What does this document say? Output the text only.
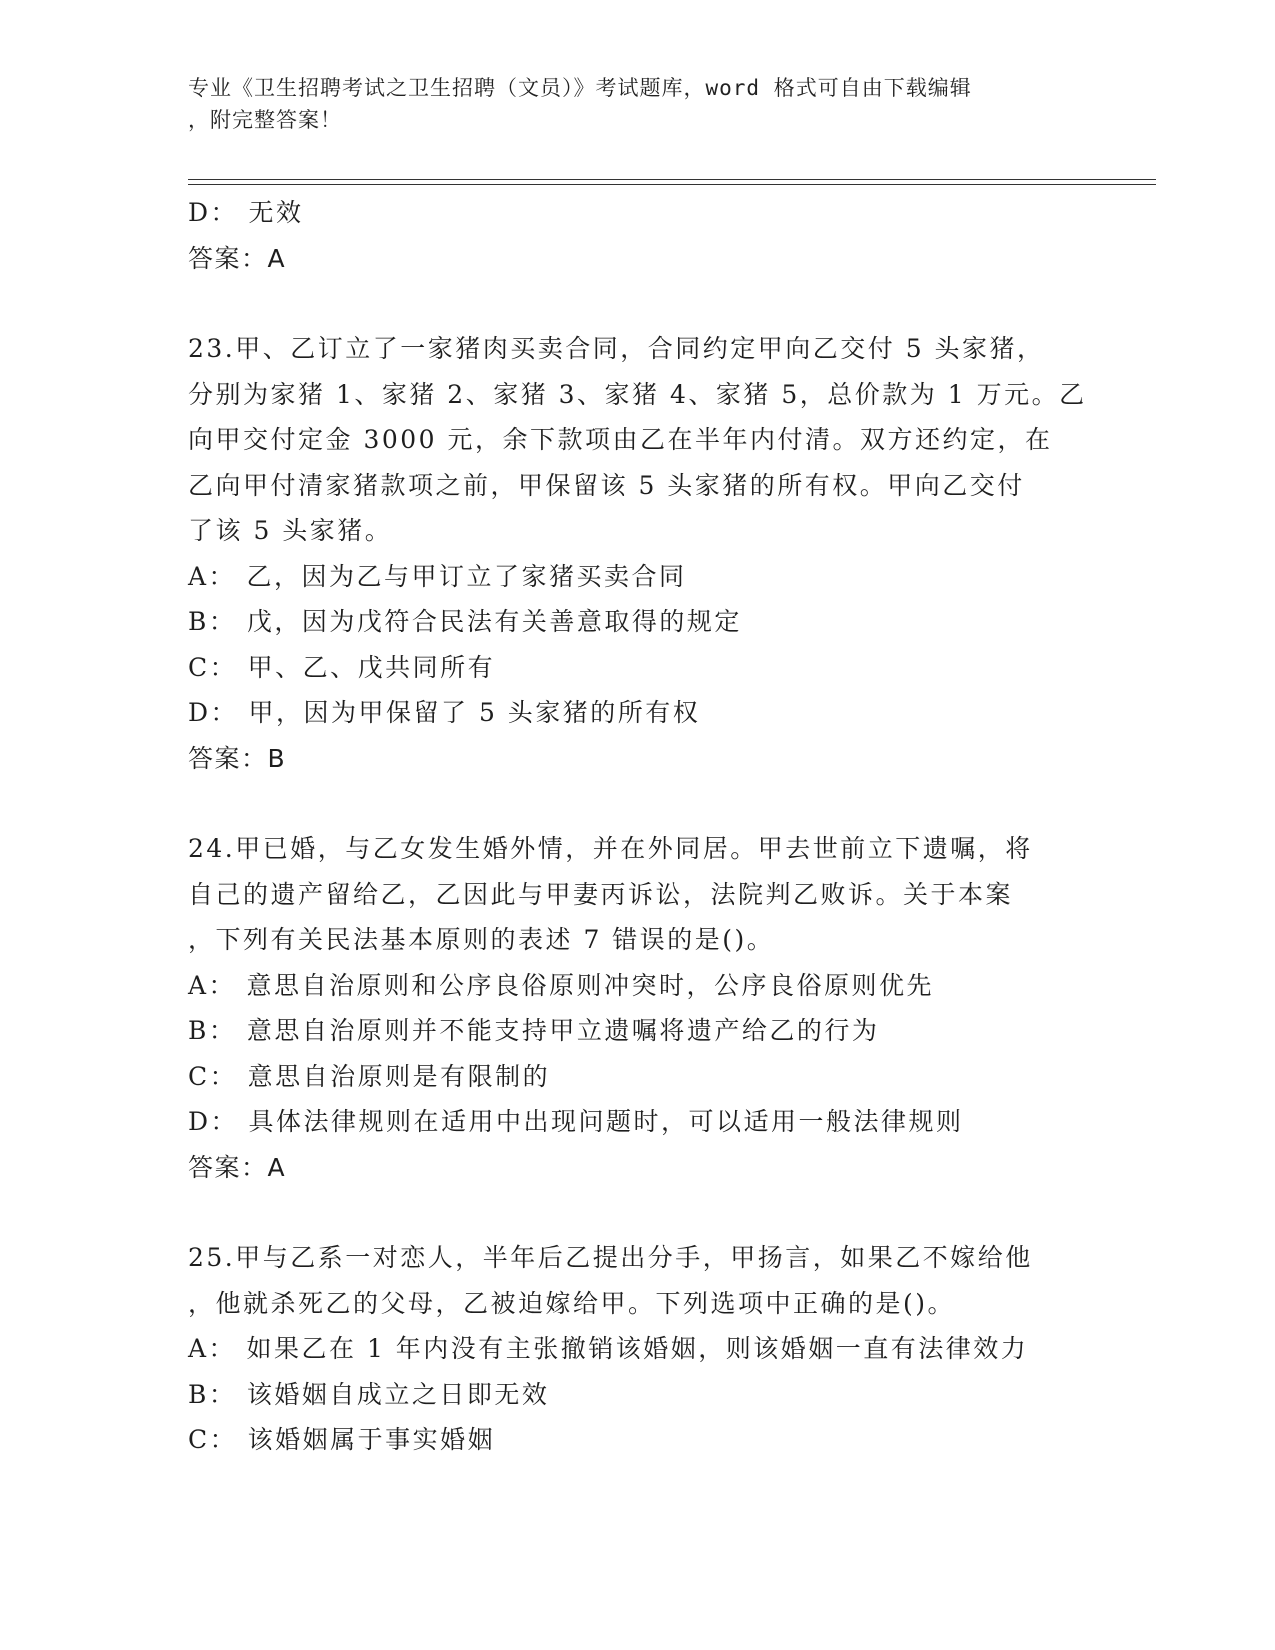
专业《卫生招聘考试之卫生招聘（文员）》考试题库，word 格式可自由下载编辑
，附完整答案！
D： 无效
答案：A
23.甲、乙订立了一家猪肉买卖合同，合同约定甲向乙交付 5 头家猪，
分别为家猪 1、家猪 2、家猪 3、家猪 4、家猪 5，总价款为 1 万元。乙
向甲交付定金 3000 元，余下款项由乙在半年内付清。双方还约定，在
乙向甲付清家猪款项之前，甲保留该 5 头家猪的所有权。甲向乙交付
了该 5 头家猪。
A： 乙，因为乙与甲订立了家猪买卖合同
B： 戊，因为戊符合民法有关善意取得的规定
C： 甲、乙、戊共同所有
D： 甲，因为甲保留了 5 头家猪的所有权
答案：B
24.甲已婚，与乙女发生婚外情，并在外同居。甲去世前立下遗嘱，将
自己的遗产留给乙，乙因此与甲妻丙诉讼，法院判乙败诉。关于本案
，下列有关民法基本原则的表述 7 错误的是()。
A： 意思自治原则和公序良俗原则冲突时，公序良俗原则优先
B： 意思自治原则并不能支持甲立遗嘱将遗产给乙的行为
C： 意思自治原则是有限制的
D： 具体法律规则在适用中出现问题时，可以适用一般法律规则
答案：A
25.甲与乙系一对恋人，半年后乙提出分手，甲扬言，如果乙不嫁给他
，他就杀死乙的父母，乙被迫嫁给甲。下列选项中正确的是()。
A： 如果乙在 1 年内没有主张撤销该婚姻，则该婚姻一直有法律效力
B： 该婚姻自成立之日即无效
C： 该婚姻属于事实婚姻
